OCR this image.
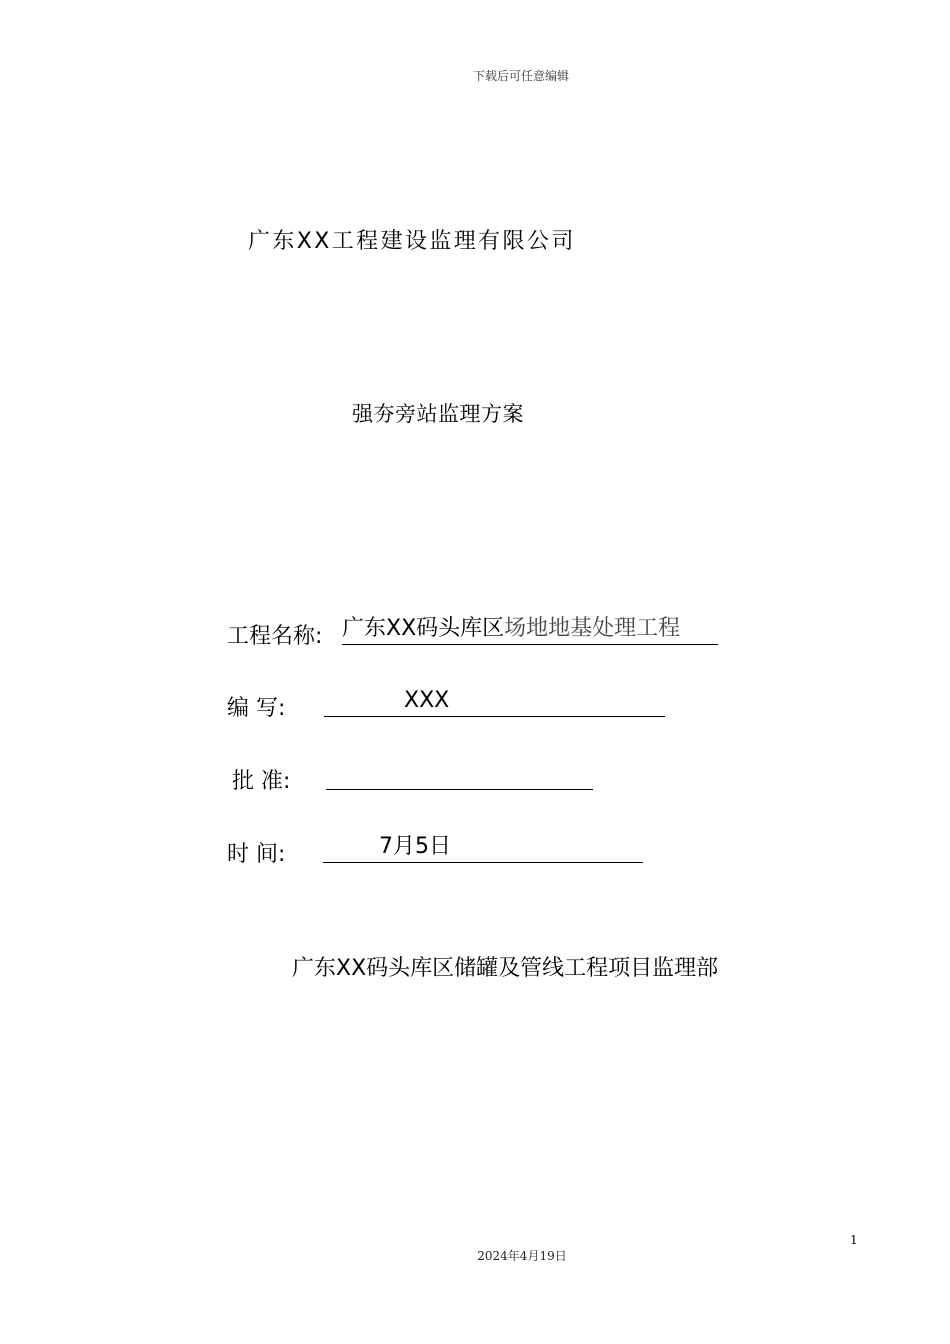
下载后可任意编辑
广东XX工程建设监理有限公司
强夯旁站监理方案
工程名称: 广东XX码头库区场地地基处理工程
编 写:	XXX
批 准:
时 间:	7月5日
广东XX码头库区储罐及管线工程项目监理部
1
2024年4月19日
